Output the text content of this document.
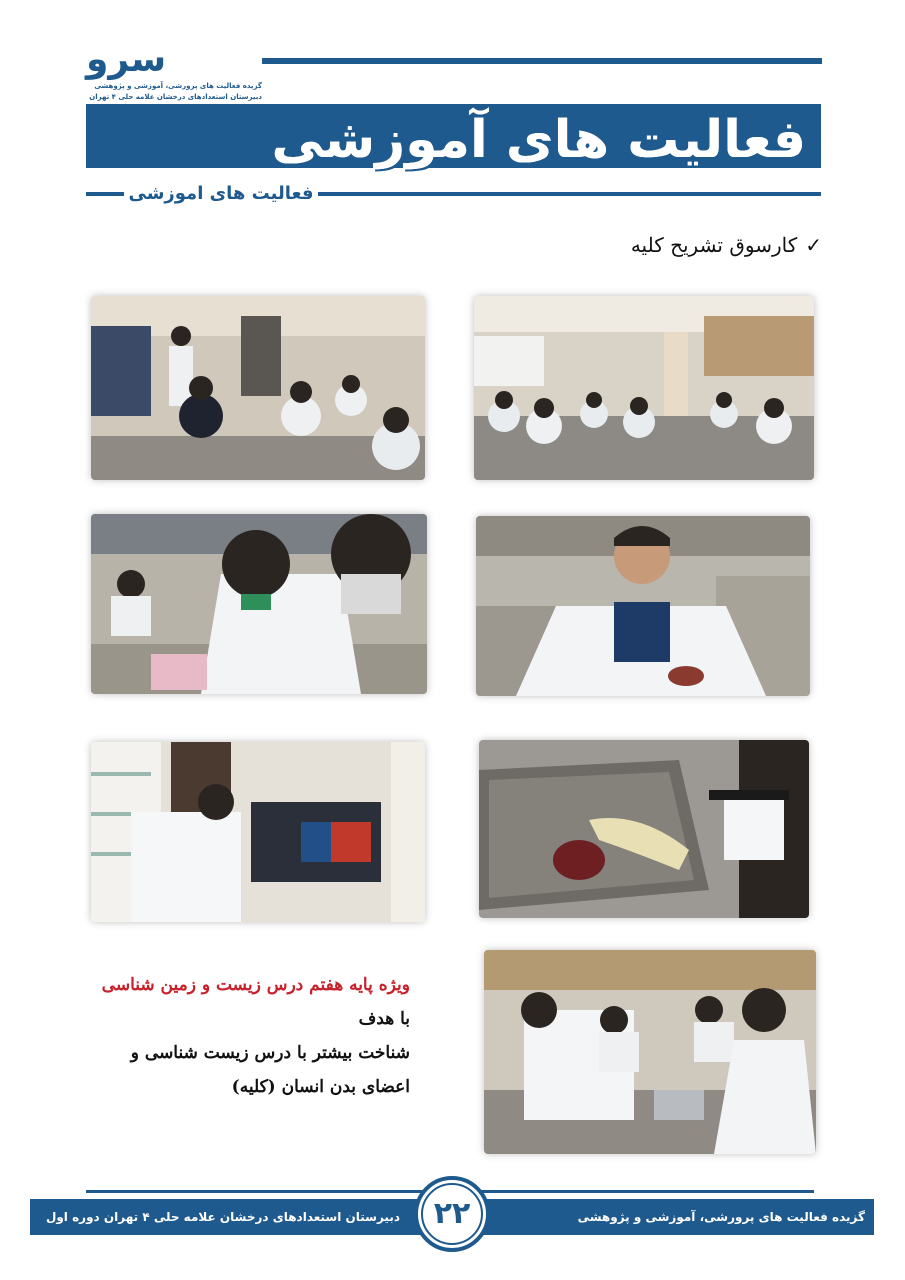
سرو
گزیده فعالیت های پرورشی، آموزشی و پژوهشی
دبیرستان استعدادهای درخشان علامه حلی ۴ تهران
فعالیت های آموزشی
فعالیت های اموزشی
✓کارسوق تشریح کلیه
ویژه پایه هفتم درس زیست و زمین شناسی
با هدف
شناخت بیشتر با درس زیست شناسی و
اعضای بدن انسان (کلیه)
دبیرستان استعدادهای درخشان علامه حلی ۴ تهران دوره اول	گزیده فعالیت های پرورشی، آموزشی و پژوهشی
۲۲
